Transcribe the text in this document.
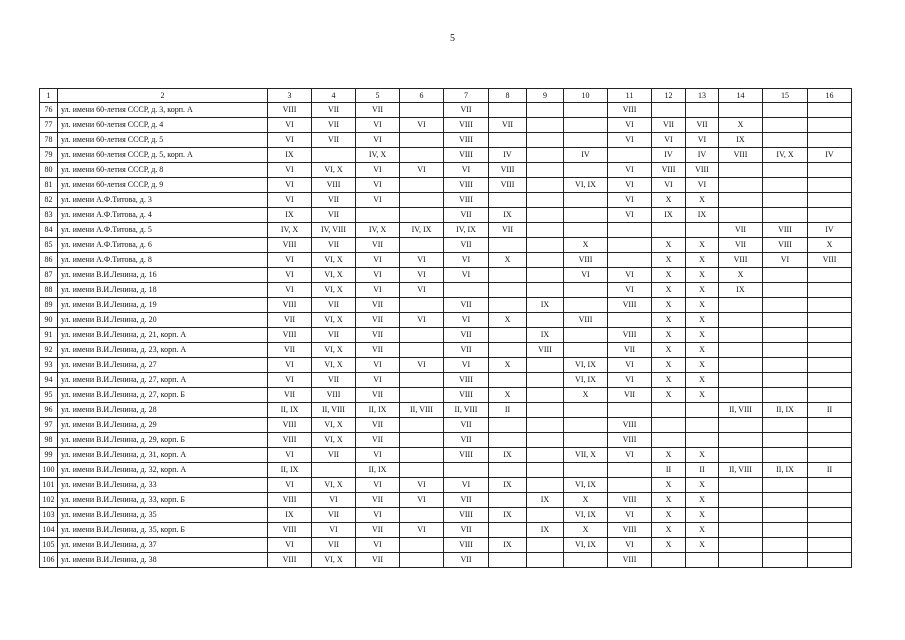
5
1	2	3	4	5	6	7	8	9	10	11	12	13	14	15	16
76	ул. имени 60-летия СССР, д. 3, корп. А	VIII	VII	VII		VII				VIII					
77	ул. имени 60-летия СССР, д. 4	VI	VII	VI	VI	VIII	VII			VI	VII	VII	X		
78	ул. имени 60-летия СССР, д. 5	VI	VII	VI		VIII				VI	VI	VI	IX		
79	ул. имени 60-летия СССР, д. 5, корп. А	IX		IV, X		VIII	IV		IV		IV	IV	VIII	IV, X	IV
80	ул. имени 60-летия СССР, д. 8	VI	VI, X	VI	VI	VI	VIII			VI	VIII	VIII			
81	ул. имени 60-летия СССР, д. 9	VI	VIII	VI		VIII	VIII		VI, IX	VI	VI	VI			
82	ул. имени А.Ф.Титова, д. 3	VI	VII	VI		VIII				VI	X	X			
83	ул. имени А.Ф.Титова, д. 4	IX	VII			VII	IX			VI	IX	IX			
84	ул. имени А.Ф.Титова, д. 5	IV, X	IV, VIII	IV, X	IV, IX	IV, IX	VII						VII	VIII	IV
85	ул. имени А.Ф.Титова, д. 6	VIII	VII	VII		VII			X		X	X	VII	VIII	X
86	ул. имени А.Ф.Титова, д. 8	VI	VI, X	VI	VI	VI	X		VIII		X	X	VIII	VI	VIII
87	ул. имени В.И.Ленина, д. 16	VI	VI, X	VI	VI	VI			VI	VI	X	X	X		
88	ул. имени В.И.Ленина, д. 18	VI	VI, X	VI	VI					VI	X	X	IX		
89	ул. имени В.И.Ленина, д. 19	VIII	VII	VII		VII		IX		VIII	X	X			
90	ул. имени В.И.Ленина, д. 20	VII	VI, X	VII	VI	VI	X		VIII		X	X			
91	ул. имени В.И.Ленина, д. 21, корп. А	VIII	VII	VII		VII		IX		VIII	X	X			
92	ул. имени В.И.Ленина, д. 23, корп. А	VII	VI, X	VII		VII		VIII		VII	X	X			
93	ул. имени В.И.Ленина, д. 27	VI	VI, X	VI	VI	VI	X		VI, IX	VI	X	X			
94	ул. имени В.И.Ленина, д. 27, корп. А	VI	VII	VI		VIII			VI, IX	VI	X	X			
95	ул. имени В.И.Ленина, д. 27, корп. Б	VII	VIII	VII		VIII	X		X	VII	X	X			
96	ул. имени В.И.Ленина, д. 28	II, IX	II, VIII	II, IX	II, VIII	II, VIII	II						II, VIII	II, IX	II
97	ул. имени В.И.Ленина, д. 29	VIII	VI, X	VII		VII				VIII					
98	ул. имени В.И.Ленина, д. 29, корп. Б	VIII	VI, X	VII		VII				VIII					
99	ул. имени В.И.Ленина, д. 31, корп. А	VI	VII	VI		VIII	IX		VII, X	VI	X	X			
100	ул. имени В.И.Ленина, д. 32, корп. А	II, IX		II, IX							II	II	II, VIII	II, IX	II
101	ул. имени В.И.Ленина, д. 33	VI	VI, X	VI	VI	VI	IX		VI, IX		X	X			
102	ул. имени В.И.Ленина, д. 33, корп. Б	VIII	VI	VII	VI	VII		IX	X	VIII	X	X			
103	ул. имени В.И.Ленина, д. 35	IX	VII	VI		VIII	IX		VI, IX	VI	X	X			
104	ул. имени В.И.Ленина, д. 35, корп. Б	VIII	VI	VII	VI	VII		IX	X	VIII	X	X			
105	ул. имени В.И.Ленина, д. 37	VI	VII	VI		VIII	IX		VI, IX	VI	X	X			
106	ул. имени В.И.Ленина, д. 38	VIII	VI, X	VII		VII				VIII					
